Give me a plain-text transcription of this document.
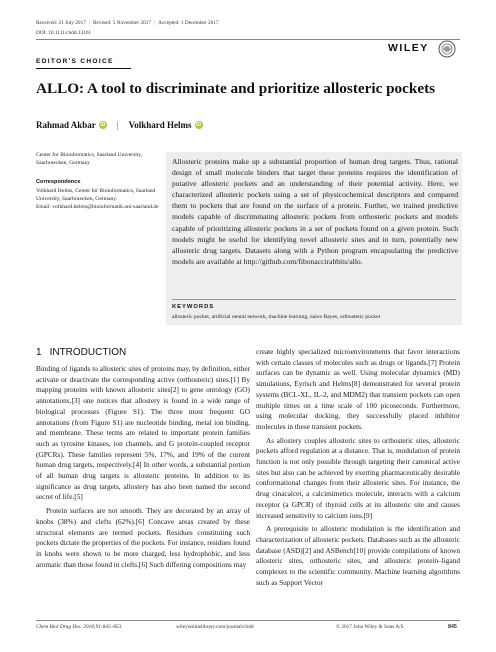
Received: 21 July 2017 | Revised: 5 November 2017 | Accepted: 1 December 2017
DOI: 10.1111/cbdd.13161
WILEY
EDITOR'S CHOICE
ALLO: A tool to discriminate and prioritize allosteric pockets
Rahmad Akbar iD | Volkhard Helms iD
Center for Bioinformatics, Saarland University, Saarbruecken, Germany
Correspondence
Volkhard Helms, Center for Bioinformatics, Saarland University, Saarbruecken, Germany.
Email: volkhard.helms@bioinformatik.uni-saarland.de
Allosteric proteins make up a substantial proportion of human drug targets. Thus, rational design of small molecule binders that target these proteins requires the identification of putative allosteric pockets and an understanding of their potential activity. Here, we characterized allosteric pockets using a set of physicochemical descriptors and compared them to pockets that are found on the surface of a protein. Further, we trained predictive models capable of discriminating allosteric pockets from orthosteric pockets and models capable of prioritizing allosteric pockets in a set of pockets found on a given protein. Such models might be useful for identifying novel allosteric sites and in turn, potentially new allosteric drug targets. Datasets along with a Python program encapsulating the predictive models are available at http://github.com/fibonaccirabbits/allo.
KEYWORDS
allosteric pocket, artificial neural network, machine learning, naive Bayes, orthosteric pocket
1 INTRODUCTION

Binding of ligands to allosteric sites of proteins may, by definition, either activate or deactivate the corresponding active (orthosteric) sites.[1] By mapping proteins with known allosteric sites[2] to gene ontology (GO) annotations,[3] one notices that allostery is found in a wide range of biological processes (Figure S1). The three most frequent GO annotations (from Figure S1) are nucleotide binding, metal ion binding, and membrane. These terms are related to important protein families such as tyrosine kinases, ion channels, and G protein-coupled receptor (GPCRs). These families represent 5%, 17%, and 19% of the current human drug targets, respectively.[4] In other words, a substantial portion of all human drug targets is allosteric proteins. In addition to its significance as drug targets, allostery has also been named the second secret of life.[5]

Protein surfaces are not smooth. They are decorated by an array of knobs (38%) and clefts (62%).[6] Concave areas created by these structural elements are termed pockets. Residues constituting such pockets dictate the properties of the pockets. For instance, residues found in knobs were shown to be more charged, less hydrophobic, and less aromatic than those found in clefts.[6] Such differing compositions may

create highly specialized microenvironments that favor interactions with certain classes of molecules such as drugs or ligands.[7] Protein surfaces can be dynamic as well. Using molecular dynamics (MD) simulations, Eyrisch and Helms[8] demonstrated for several protein systems (BCL-XL, IL-2, and MDM2) that transient pockets can open multiple times on a time scale of 100 picoseconds. Furthermore, using molecular docking, they successfully placed inhibitor molecules in these transient pockets.

As allostery couples allosteric sites to orthosteric sites, allosteric pockets afford regulation at a distance. That is, modulation of protein function is not only possible through targeting their canonical active sites but also can be achieved by exerting pharmaceutically desirable conformational changes from their allosteric sites. For instance, the drug cinacalcet, a calcimimetics molecule, interacts with a calcium receptor (a GPCR) of thyroid cells at its allosteric site and causes increased sensitivity to calcium ions.[9]

A prerequisite to allosteric modulation is the identification and characterization of allosteric pockets. Databases such as the allosteric database (ASD)[2] and ASBench[10] provide compilations of known allosteric sites, orthosteric sites, and allosteric protein–ligand complexes to the scientific community. Machine learning algorithms such as Support Vector

Chem Biol Drug Des. 2018;91:845–853.	wileyonlinelibrary.com/journal/cbdd	© 2017 John Wiley & Sons A/S	845
